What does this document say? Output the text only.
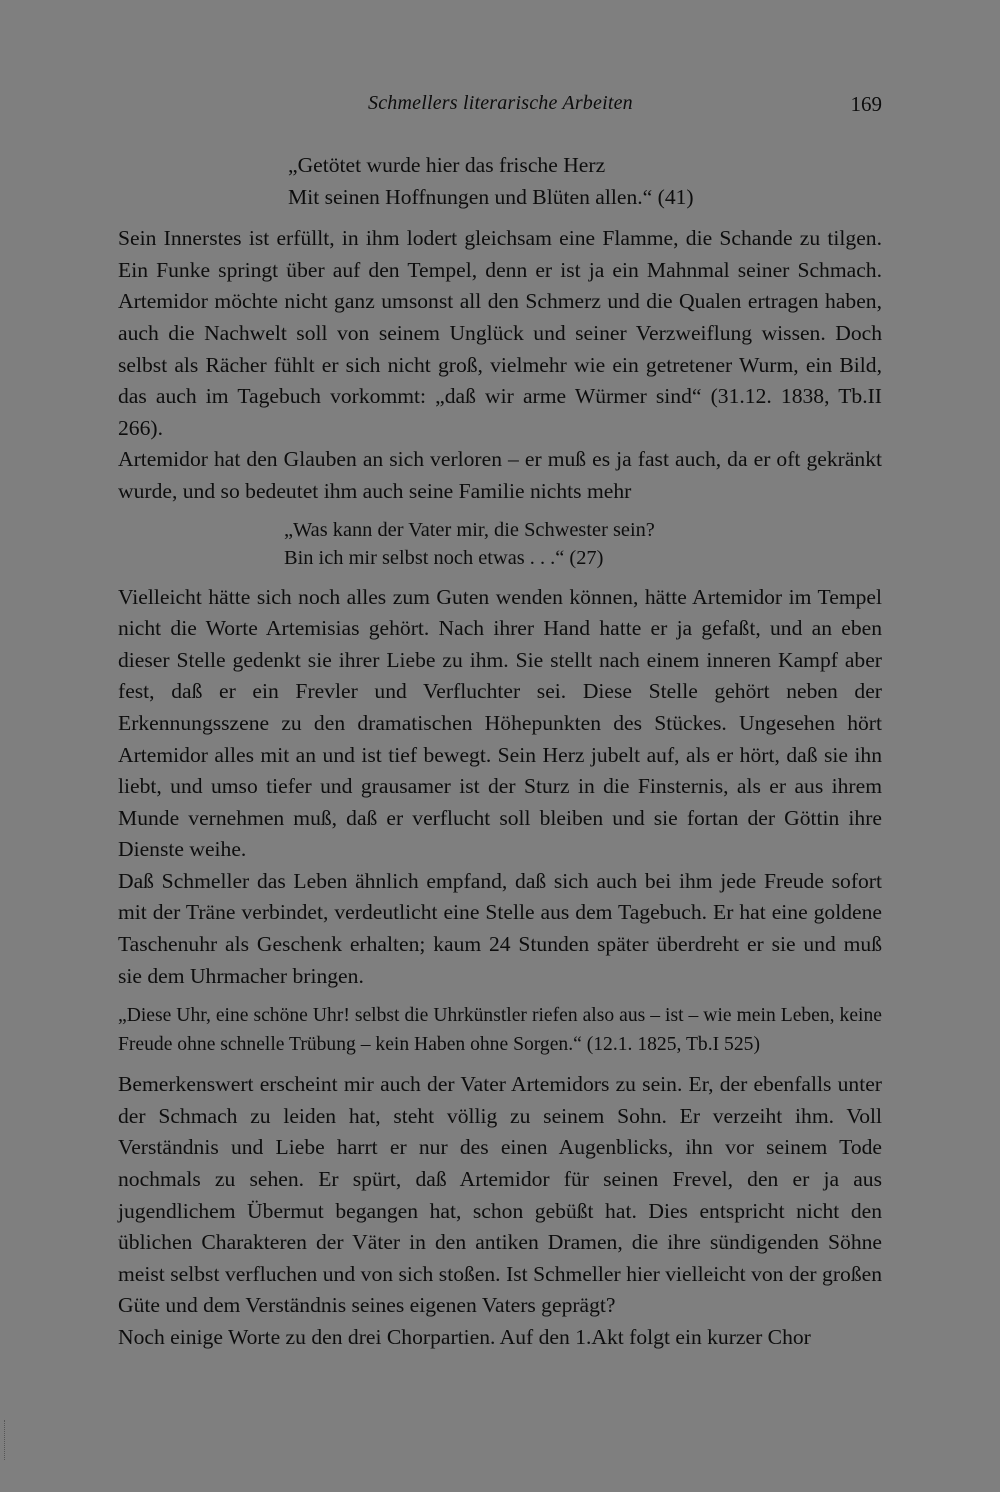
Schmellers literarische Arbeiten	169
„Getötet wurde hier das frische Herz
Mit seinen Hoffnungen und Blüten allen.“ (41)

Sein Innerstes ist erfüllt, in ihm lodert gleichsam eine Flamme, die Schande zu tilgen. Ein Funke springt über auf den Tempel, denn er ist ja ein Mahnmal seiner Schmach. Artemidor möchte nicht ganz umsonst all den Schmerz und die Qualen ertragen haben, auch die Nachwelt soll von seinem Unglück und seiner Verzweiflung wissen. Doch selbst als Rächer fühlt er sich nicht groß, vielmehr wie ein getretener Wurm, ein Bild, das auch im Tagebuch vorkommt: „daß wir arme Würmer sind“ (31.12. 1838, Tb.II 266).

Artemidor hat den Glauben an sich verloren – er muß es ja fast auch, da er oft gekränkt wurde, und so bedeutet ihm auch seine Familie nichts mehr

„Was kann der Vater mir, die Schwester sein?
Bin ich mir selbst noch etwas . . .“ (27)

Vielleicht hätte sich noch alles zum Guten wenden können, hätte Artemidor im Tempel nicht die Worte Artemisias gehört. Nach ihrer Hand hatte er ja gefaßt, und an eben dieser Stelle gedenkt sie ihrer Liebe zu ihm. Sie stellt nach einem inneren Kampf aber fest, daß er ein Frevler und Verfluchter sei. Diese Stelle gehört neben der Erkennungsszene zu den dramatischen Höhepunkten des Stückes. Ungesehen hört Artemidor alles mit an und ist tief bewegt. Sein Herz jubelt auf, als er hört, daß sie ihn liebt, und umso tiefer und grausamer ist der Sturz in die Finsternis, als er aus ihrem Munde vernehmen muß, daß er verflucht soll bleiben und sie fortan der Göttin ihre Dienste weihe.

Daß Schmeller das Leben ähnlich empfand, daß sich auch bei ihm jede Freude sofort mit der Träne verbindet, verdeutlicht eine Stelle aus dem Tagebuch. Er hat eine goldene Taschenuhr als Geschenk erhalten; kaum 24 Stunden später überdreht er sie und muß sie dem Uhrmacher bringen.

„Diese Uhr, eine schöne Uhr! selbst die Uhrkünstler riefen also aus – ist – wie mein Leben, keine Freude ohne schnelle Trübung – kein Haben ohne Sorgen.“ (12.1. 1825, Tb.I 525)

Bemerkenswert erscheint mir auch der Vater Artemidors zu sein. Er, der ebenfalls unter der Schmach zu leiden hat, steht völlig zu seinem Sohn. Er verzeiht ihm. Voll Verständnis und Liebe harrt er nur des einen Augenblicks, ihn vor seinem Tode nochmals zu sehen. Er spürt, daß Artemidor für seinen Frevel, den er ja aus jugendlichem Übermut begangen hat, schon gebüßt hat. Dies entspricht nicht den üblichen Charakteren der Väter in den antiken Dramen, die ihre sündigenden Söhne meist selbst verfluchen und von sich stoßen. Ist Schmeller hier vielleicht von der großen Güte und dem Verständnis seines eigenen Vaters geprägt?

Noch einige Worte zu den drei Chorpartien. Auf den 1.Akt folgt ein kurzer Chor
